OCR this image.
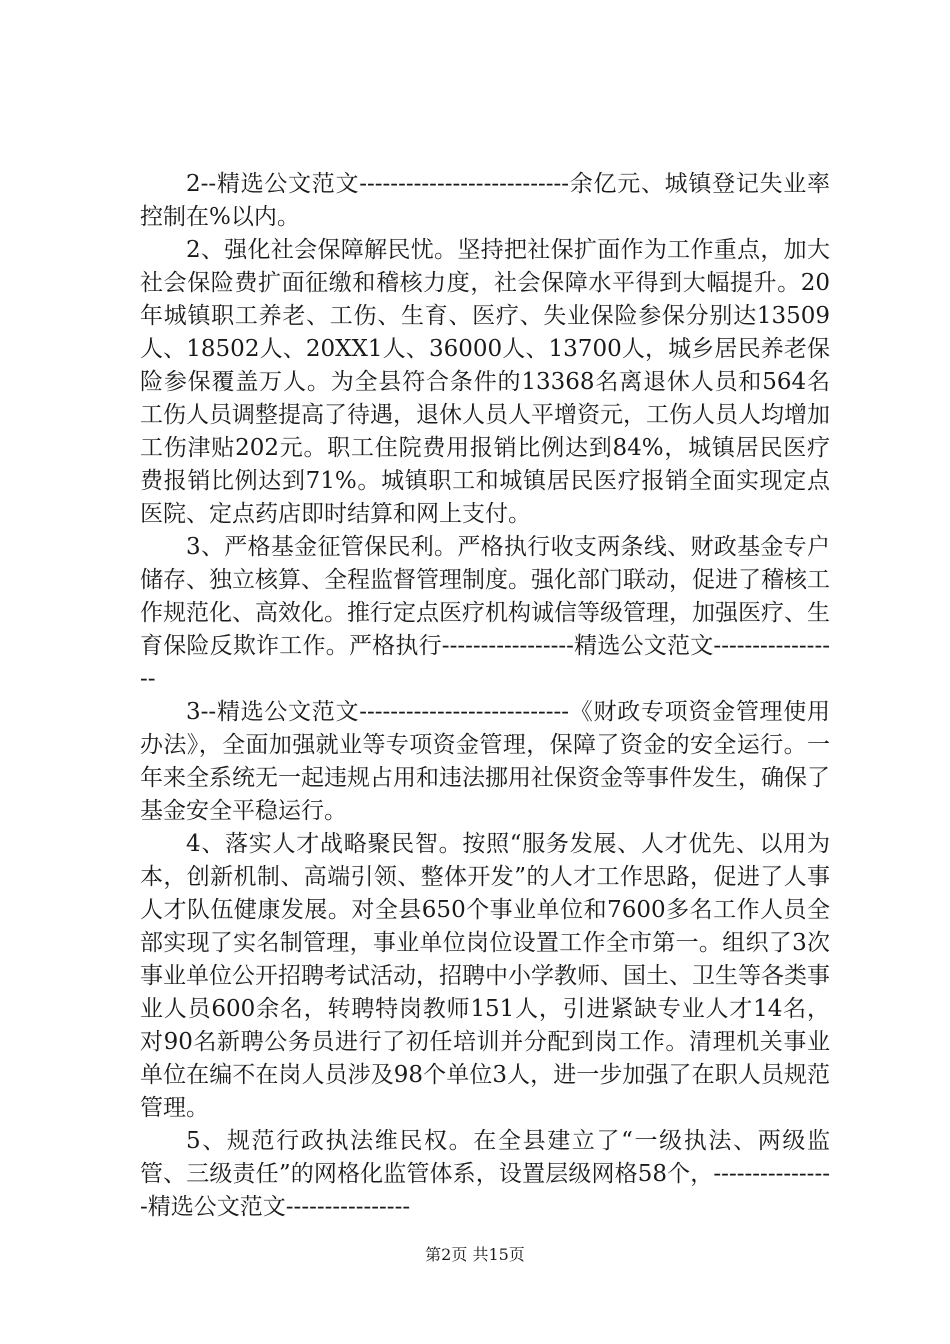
2--精选公文范文---------------------------余亿元、城镇登记失业率控制在%以内。

2、强化社会保障解民忧。坚持把社保扩面作为工作重点，加大社会保险费扩面征缴和稽核力度，社会保障水平得到大幅提升。20年城镇职工养老、工伤、生育、医疗、失业保险参保分别达13509人、18502人、20XX1人、36000人、13700人，城乡居民养老保险参保覆盖万人。为全县符合条件的13368名离退休人员和564名工伤人员调整提高了待遇，退休人员人平增资元，工伤人员人均增加工伤津贴202元。职工住院费用报销比例达到84%，城镇居民医疗费报销比例达到71%。城镇职工和城镇居民医疗报销全面实现定点医院、定点药店即时结算和网上支付。

3、严格基金征管保民利。严格执行收支两条线、财政基金专户储存、独立核算、全程监督管理制度。强化部门联动，促进了稽核工作规范化、高效化。推行定点医疗机构诚信等级管理，加强医疗、生育保险反欺诈工作。严格执行-----------------精选公文范文-----------------

3--精选公文范文---------------------------《财政专项资金管理使用办法》，全面加强就业等专项资金管理，保障了资金的安全运行。一年来全系统无一起违规占用和违法挪用社保资金等事件发生，确保了基金安全平稳运行。

4、落实人才战略聚民智。按照“服务发展、人才优先、以用为本，创新机制、高端引领、整体开发”的人才工作思路，促进了人事人才队伍健康发展。对全县650个事业单位和7600多名工作人员全部实现了实名制管理，事业单位岗位设置工作全市第一。组织了3次事业单位公开招聘考试活动，招聘中小学教师、国土、卫生等各类事业人员600余名，转聘特岗教师151人，引进紧缺专业人才14名，对90名新聘公务员进行了初任培训并分配到岗工作。清理机关事业单位在编不在岗人员涉及98个单位3人，进一步加强了在职人员规范管理。

5、规范行政执法维民权。在全县建立了“一级执法、两级监管、三级责任”的网格化监管体系，设置层级网格58个，----------------精选公文范文----------------

第2页 共15页
